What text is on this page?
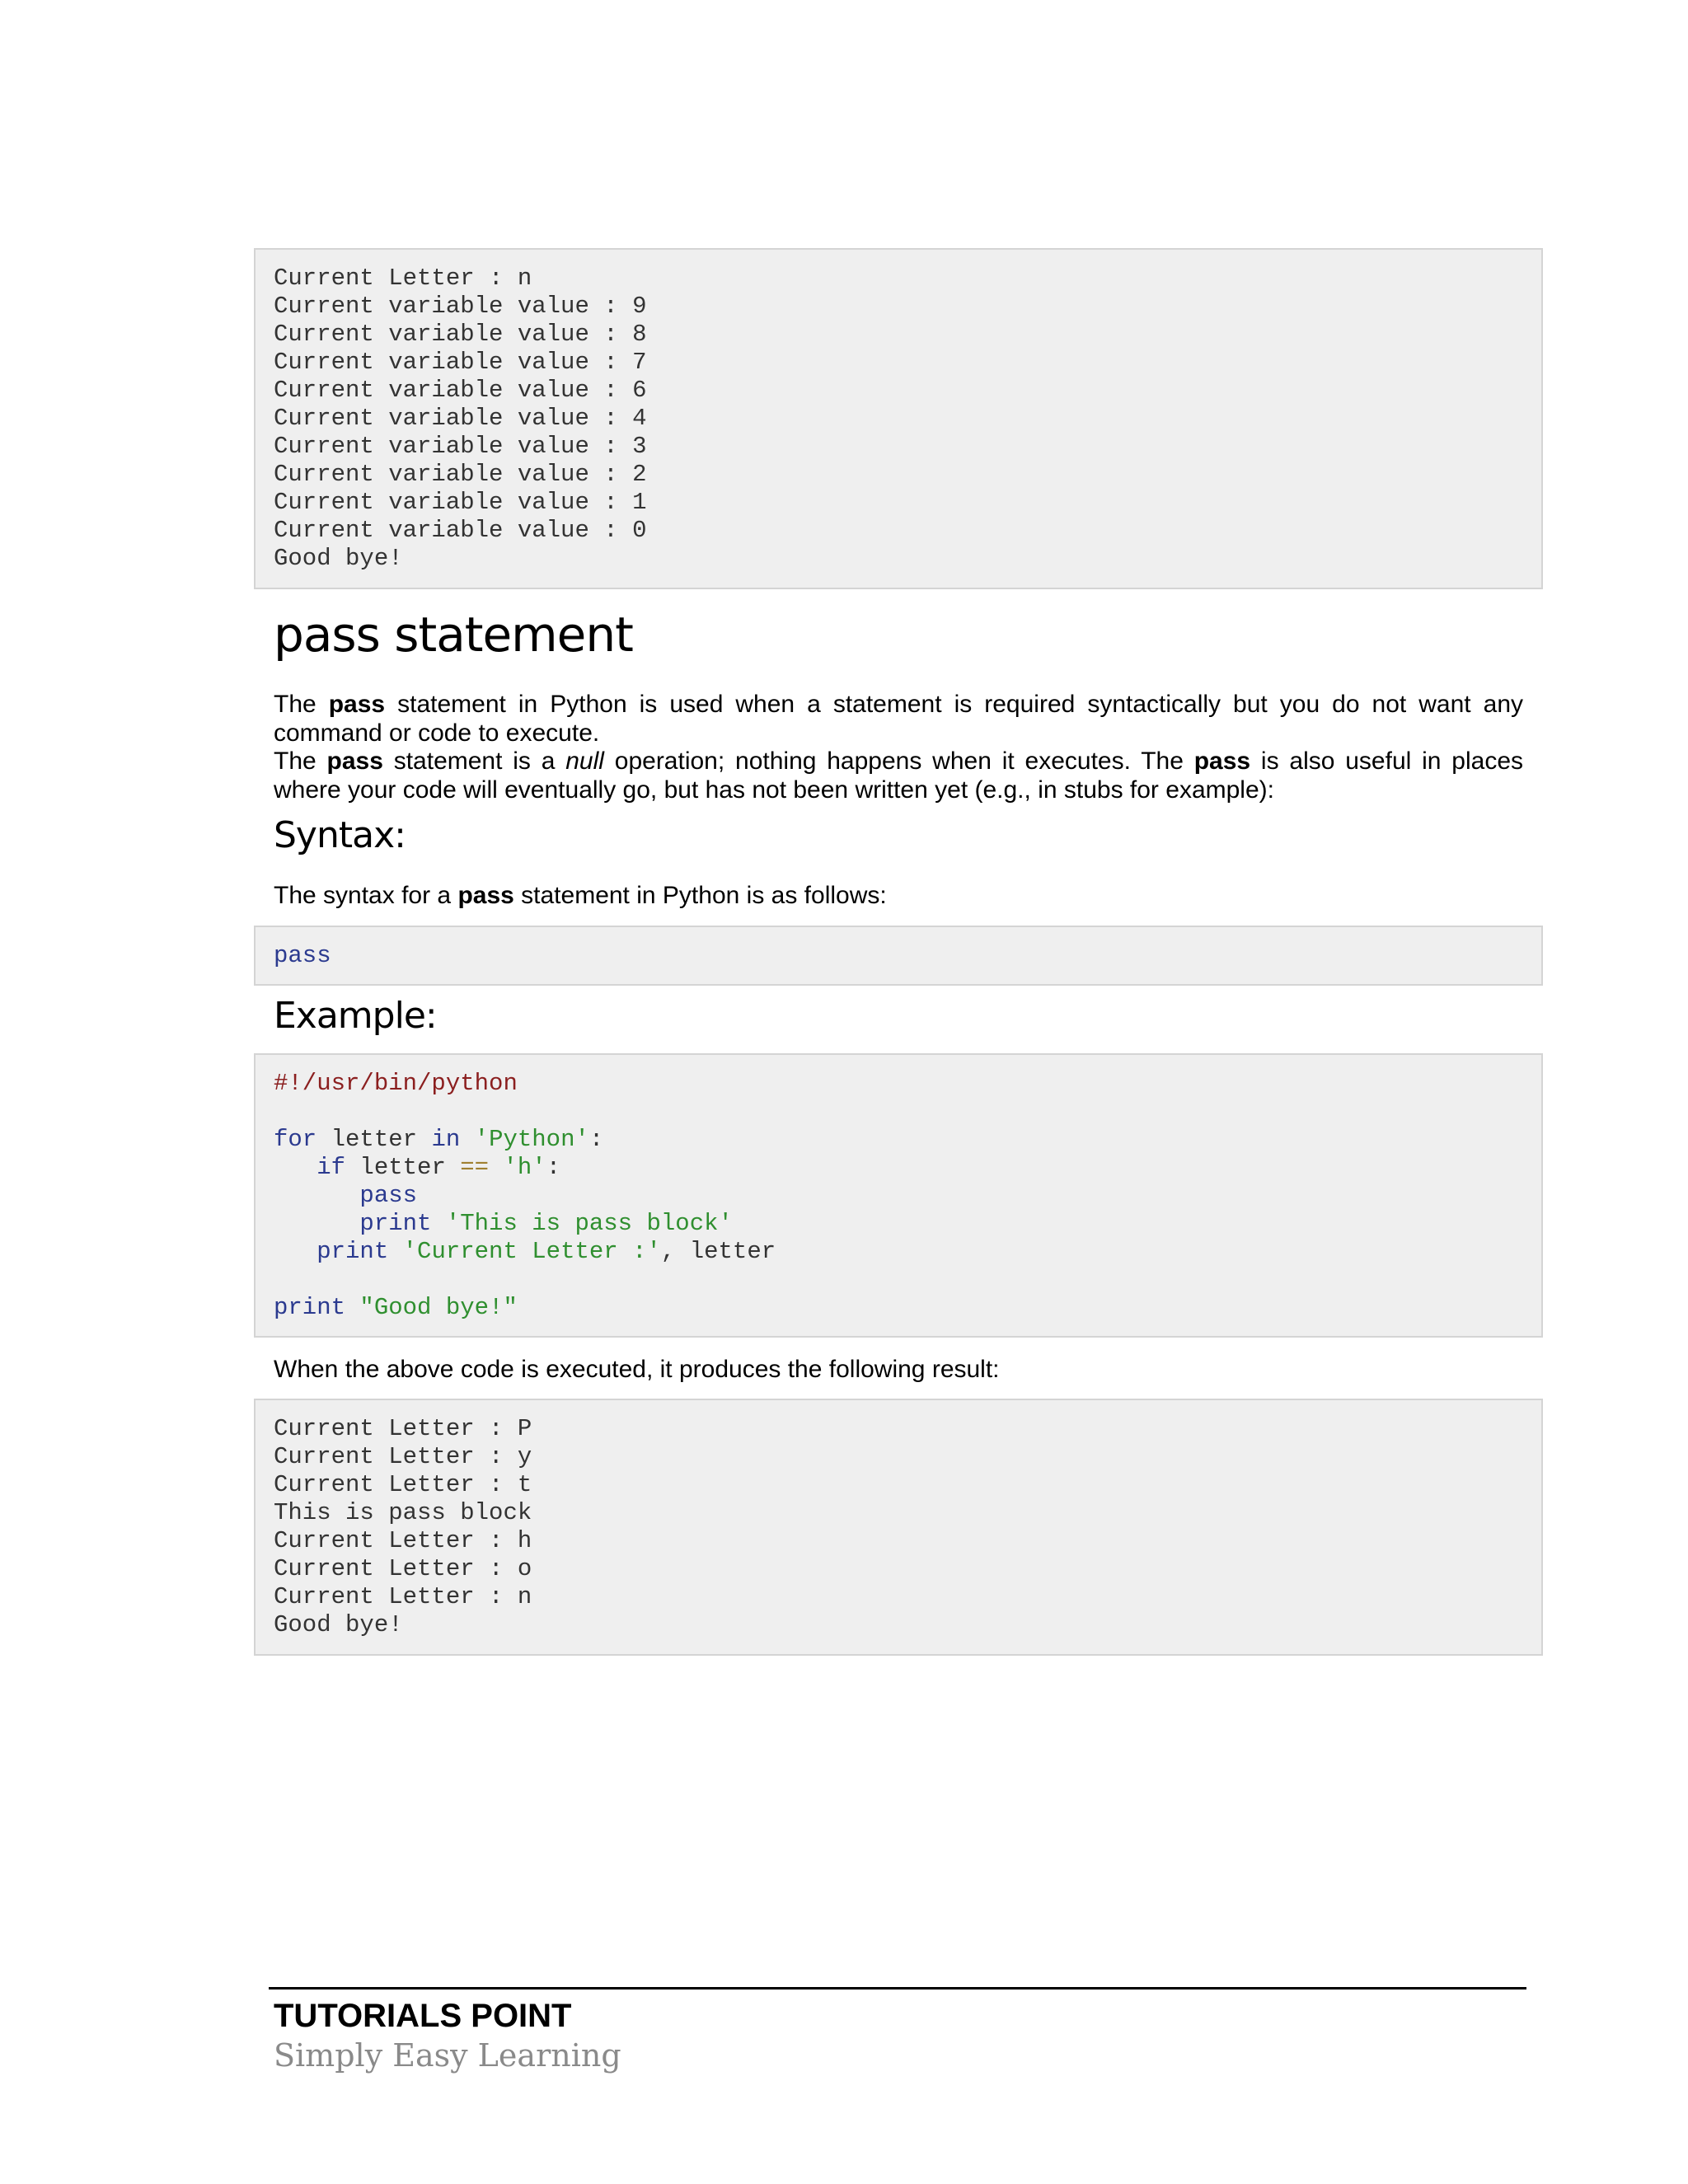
Current Letter : n
Current variable value : 9
Current variable value : 8
Current variable value : 7
Current variable value : 6
Current variable value : 4
Current variable value : 3
Current variable value : 2
Current variable value : 1
Current variable value : 0
Good bye!
pass statement

The pass statement in Python is used when a statement is required syntactically but you do not want any command or code to execute.

The pass statement is a null operation; nothing happens when it executes. The pass is also useful in places where your code will eventually go, but has not been written yet (e.g., in stubs for example):

Syntax:

The syntax for a pass statement in Python is as follows:

pass
Example:
#!/usr/bin/python
for letter in 'Python':
if letter == 'h':
pass
print 'This is pass block'
print 'Current Letter :', letter
print "Good bye!"

When the above code is executed, it produces the following result:

Current Letter : P
Current Letter : y
Current Letter : t
This is pass block
Current Letter : h
Current Letter : o
Current Letter : n
Good bye!

TUTORIALS POINT

Simply Easy Learning
